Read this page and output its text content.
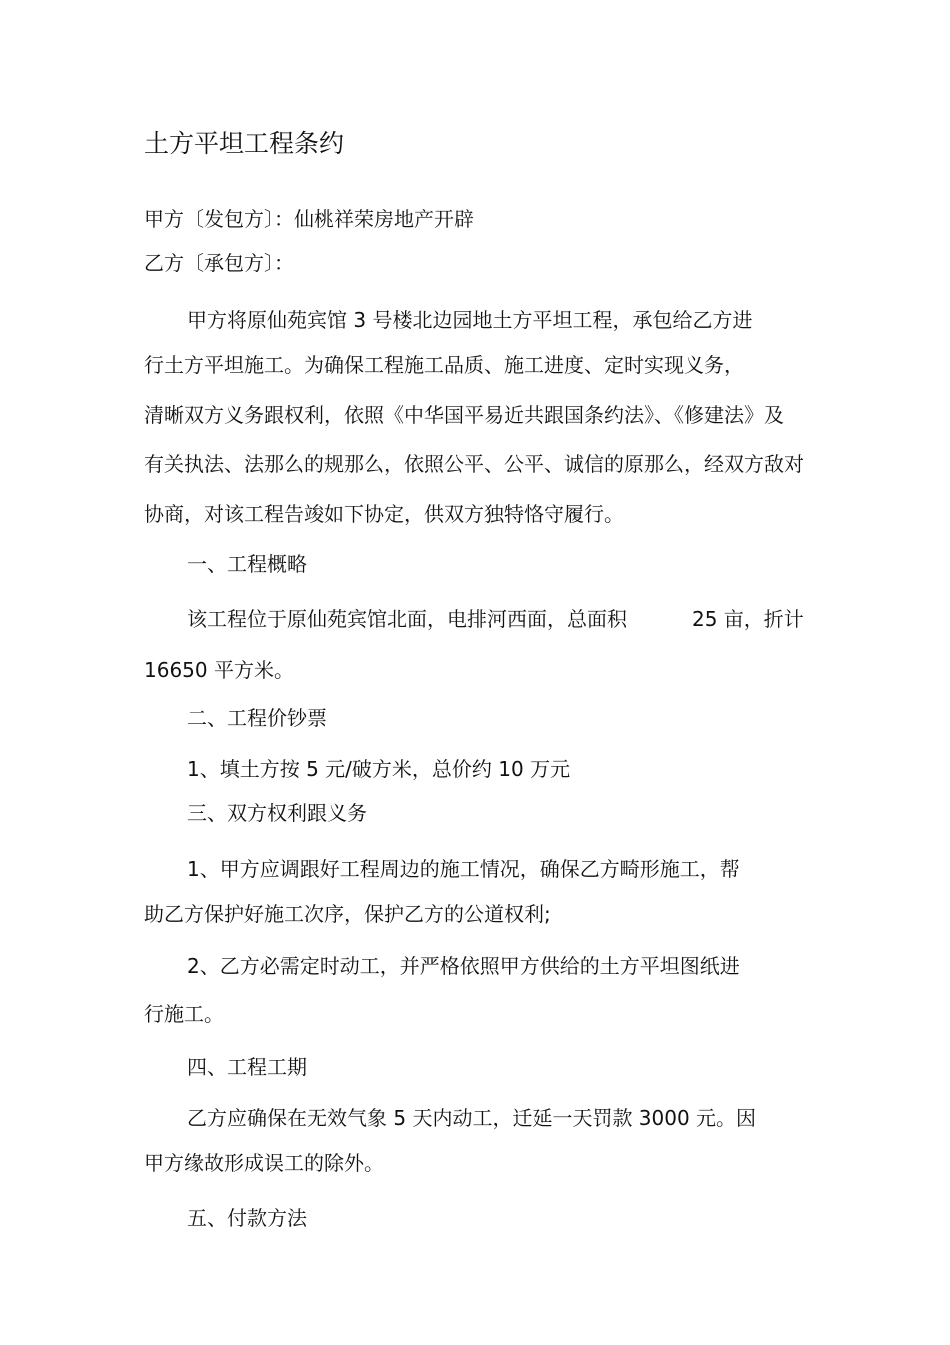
土方平坦工程条约
甲方〔发包方〕：仙桃祥荣房地产开辟
乙方〔承包方〕：
甲方将原仙苑宾馆 3 号楼北边园地土方平坦工程，承包给乙方进
行土方平坦施工。为确保工程施工品质、施工进度、定时实现义务，
清晰双方义务跟权利，依照《中华国平易近共跟国条约法》、《修建法》及
有关执法、法那么的规那么，依照公平、公平、诚信的原那么，经双方敌对
协商，对该工程告竣如下协定，供双方独特恪守履行。
一、工程概略
该工程位于原仙苑宾馆北面，电排河西面，总面积	25 亩，折计
16650 平方米。
二、工程价钞票
1、填土方按 5 元/破方米，总价约 10 万元
三、双方权利跟义务
1、甲方应调跟好工程周边的施工情况，确保乙方畸形施工，帮
助乙方保护好施工次序，保护乙方的公道权利;
2、乙方必需定时动工，并严格依照甲方供给的土方平坦图纸进
行施工。
四、工程工期
乙方应确保在无效气象 5 天内动工，迁延一天罚款 3000 元。因
甲方缘故形成误工的除外。
五、付款方法
